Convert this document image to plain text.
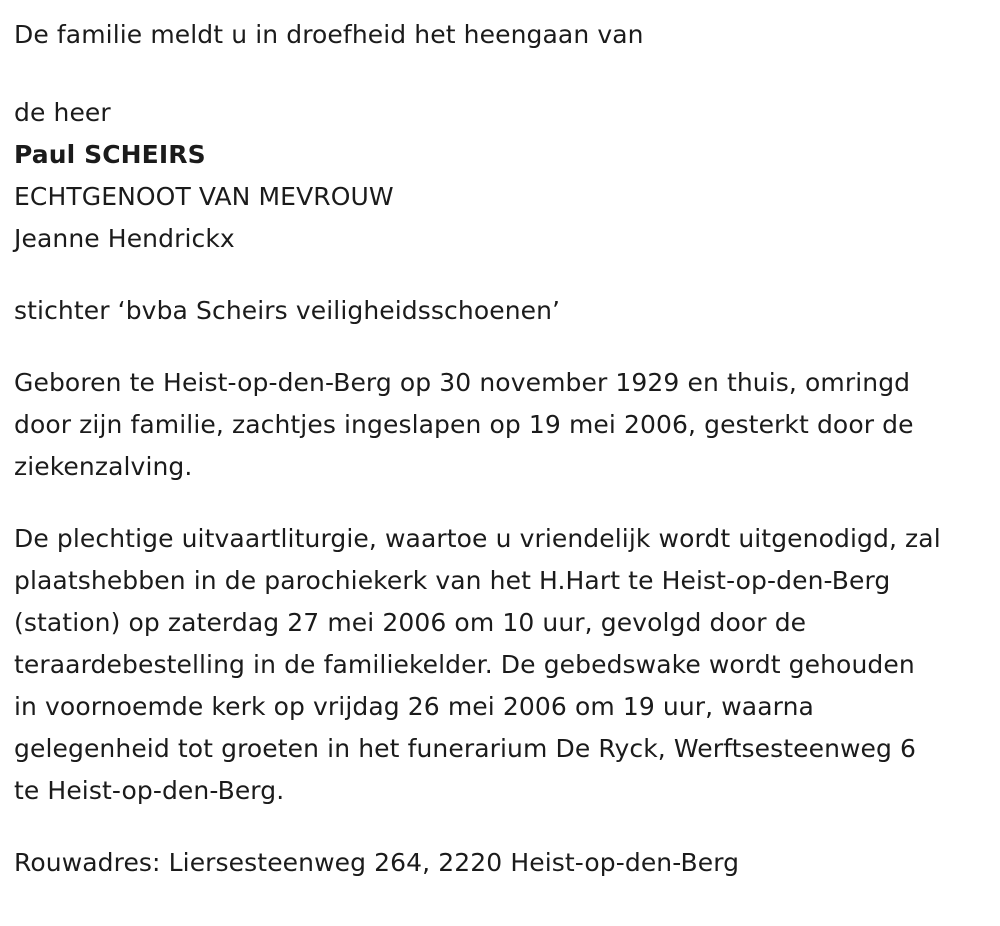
De familie meldt u in droefheid het heengaan van
de heer
Paul SCHEIRS
ECHTGENOOT VAN MEVROUW
Jeanne Hendrickx
stichter ‘bvba Scheirs veiligheidsschoenen’
Geboren te Heist-op-den-Berg op 30 november 1929 en thuis, omringd
door zijn familie, zachtjes ingeslapen op 19 mei 2006, gesterkt door de
ziekenzalving.
De plechtige uitvaartliturgie, waartoe u vriendelijk wordt uitgenodigd, zal
plaatshebben in de parochiekerk van het H.Hart te Heist-op-den-Berg
(station) op zaterdag 27 mei 2006 om 10 uur, gevolgd door de
teraardebestelling in de familiekelder. De gebedswake wordt gehouden
in voornoemde kerk op vrijdag 26 mei 2006 om 19 uur, waarna
gelegenheid tot groeten in het funerarium De Ryck, Werftsesteenweg 6
te Heist-op-den-Berg.
Rouwadres: Liersesteenweg 264, 2220 Heist-op-den-Berg
